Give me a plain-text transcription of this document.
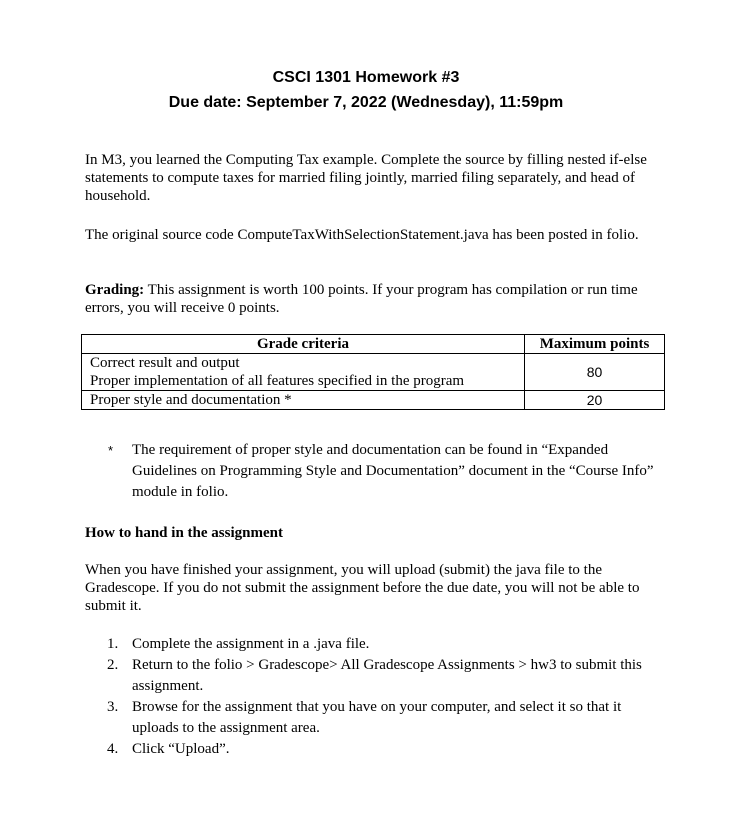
CSCI 1301 Homework #3
Due date: September 7, 2022 (Wednesday), 11:59pm
In M3, you learned the Computing Tax example. Complete the source by filling nested if-else statements to compute taxes for married filing jointly, married filing separately, and head of household.
The original source code ComputeTaxWithSelectionStatement.java has been posted in folio.
Grading: This assignment is worth 100 points. If your program has compilation or run time errors, you will receive 0 points.
Grade criteria	Maximum points

Correct result and output
Proper implementation of all features specified in the program	80
Proper style and documentation *	20
* The requirement of proper style and documentation can be found in “Expanded Guidelines on Programming Style and Documentation” document in the “Course Info” module in folio.
How to hand in the assignment
When you have finished your assignment, you will upload (submit) the java file to the Gradescope. If you do not submit the assignment before the due date, you will not be able to submit it.
1. Complete the assignment in a .java file.
2. Return to the folio > Gradescope> All Gradescope Assignments > hw3 to submit this assignment.
3. Browse for the assignment that you have on your computer, and select it so that it uploads to the assignment area.
4. Click “Upload”.
